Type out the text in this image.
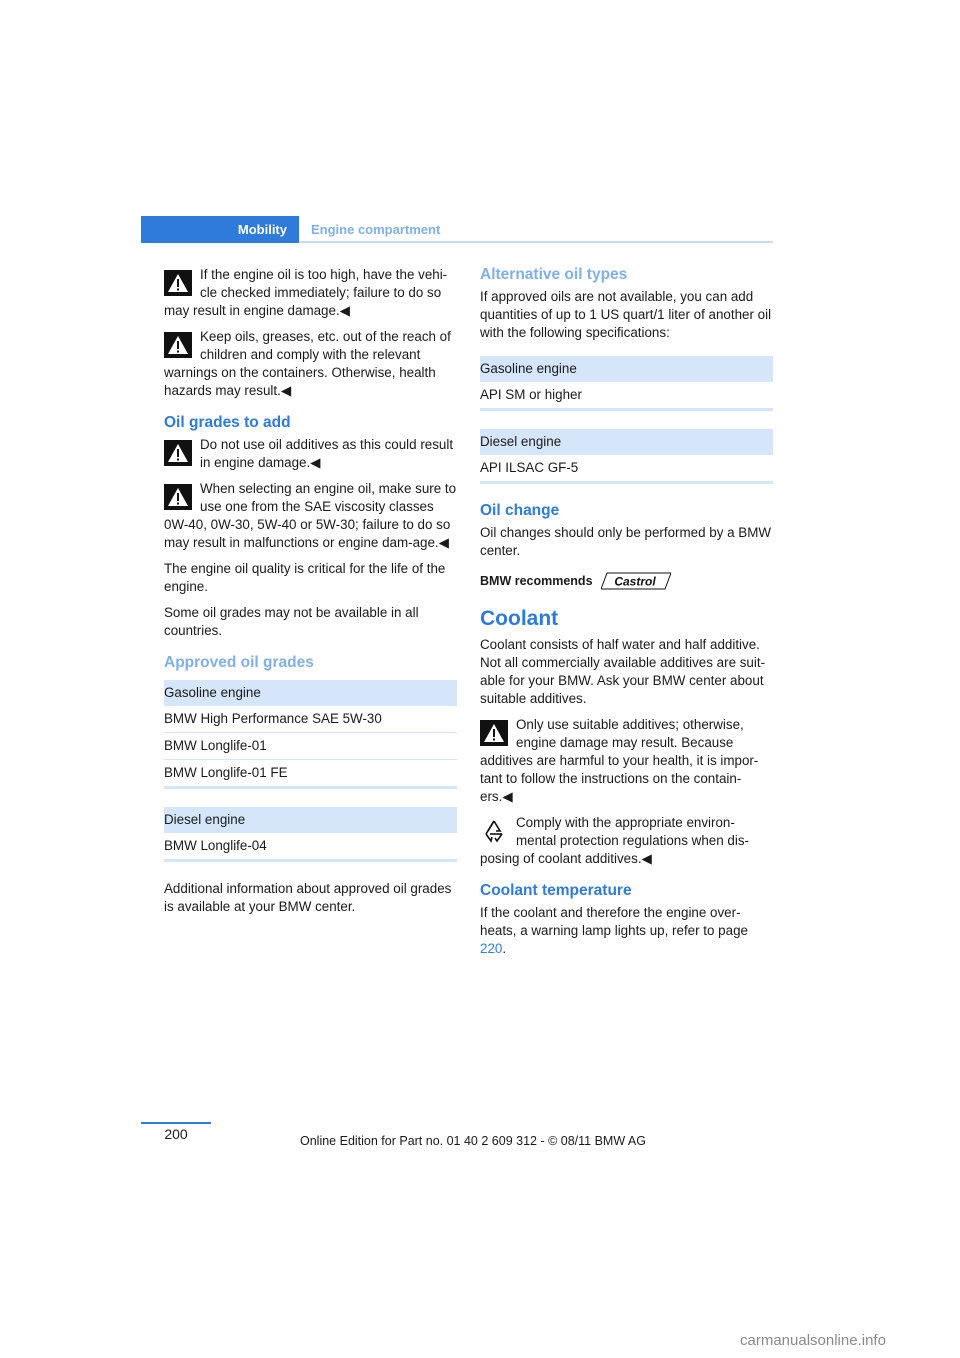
Mobility Engine compartment
If the engine oil is too high, have the vehi-cle checked immediately; failure to do so may result in engine damage.◀
Keep oils, greases, etc. out of the reach of children and comply with the relevant warnings on the containers. Otherwise, health hazards may result.◀
Oil grades to add
Do not use oil additives as this could result in engine damage.◀
When selecting an engine oil, make sure to use one from the SAE viscosity classes 0W-40, 0W-30, 5W-40 or 5W-30; failure to do so may result in malfunctions or engine dam-age.◀

The engine oil quality is critical for the life of the engine.

Some oil grades may not be available in all countries.

Approved oil grades
Gasoline engine
BMW High Performance SAE 5W-30
BMW Longlife-01
BMW Longlife-01 FE
Diesel engine
BMW Longlife-04

Additional information about approved oil grades is available at your BMW center.

Alternative oil types

If approved oils are not available, you can add quantities of up to 1 US quart/1 liter of another oil with the following specifications:

Gasoline engine
API SM or higher
Diesel engine
API ILSAC GF-5
Oil change

Oil changes should only be performed by a BMW center.

BMW recommends Castrol
Coolant

Coolant consists of half water and half additive. Not all commercially available additives are suit-able for your BMW. Ask your BMW center about suitable additives.

Only use suitable additives; otherwise, engine damage may result. Because additives are harmful to your health, it is impor-tant to follow the instructions on the contain-ers.◀
Comply with the appropriate environ-mental protection regulations when dis-posing of coolant additives.◀
Coolant temperature

If the coolant and therefore the engine over-heats, a warning lamp lights up, refer to page 220.

200	Online Edition for Part no. 01 40 2 609 312 - © 08/11 BMW AG
carmanualsonline.info
